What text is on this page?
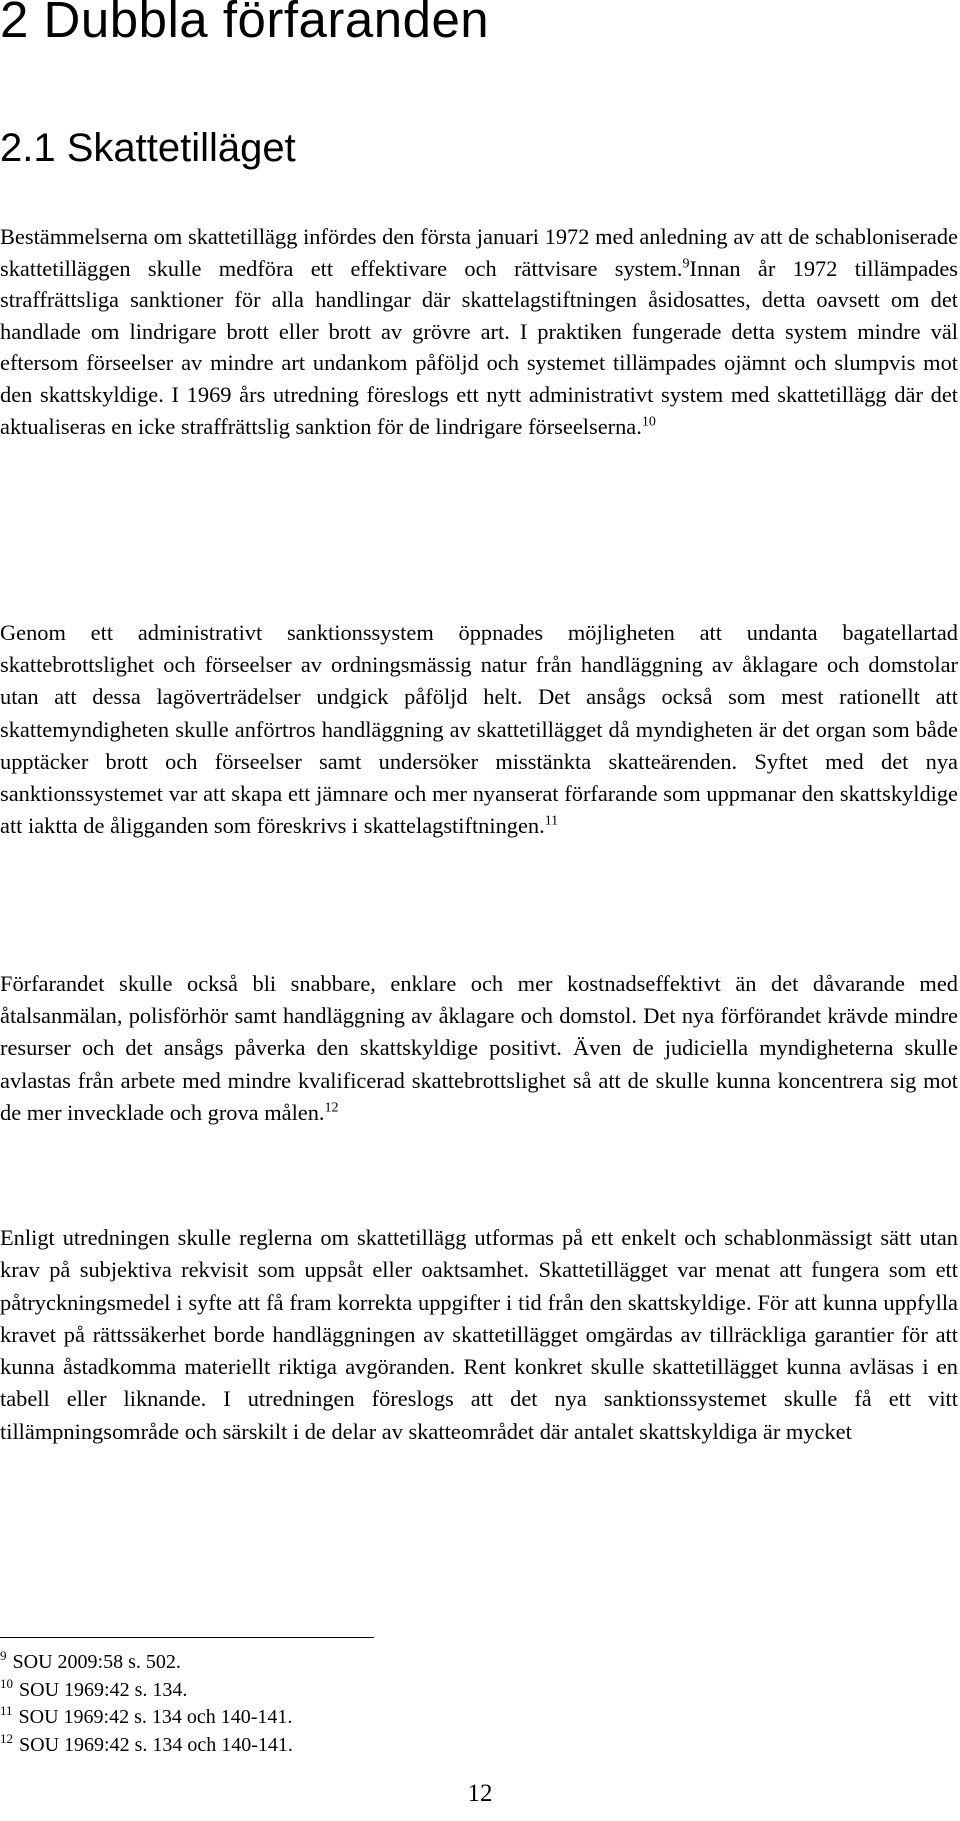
2 Dubbla förfaranden
2.1 Skattetilläget

Bestämmelserna om skattetillägg infördes den första januari 1972 med anledning av att de schabloniserade skattetilläggen skulle medföra ett effektivare och rättvisare system.$^9$Innan år 1972 tillämpades straffrättsliga sanktioner för alla handlingar där skattelagstiftningen åsidosattes, detta oavsett om det handlade om lindrigare brott eller brott av grövre art. I praktiken fungerade detta system mindre väl eftersom förseelser av mindre art undankom påföljd och systemet tillämpades ojämnt och slumpvis mot den skattskyldige. I 1969 års utredning föreslogs ett nytt administrativt system med skattetillägg där det aktualiseras en icke straffrättslig sanktion för de lindrigare förseelserna.$^{10}$

Genom ett administrativt sanktionssystem öppnades möjligheten att undanta bagatellartad skattebrottslighet och förseelser av ordningsmässig natur från handläggning av åklagare och domstolar utan att dessa lagöverträdelser undgick påföljd helt. Det ansågs också som mest rationellt att skattemyndigheten skulle anförtros handläggning av skattetillägget då myndigheten är det organ som både upptäcker brott och förseelser samt undersöker misstänkta skatteärenden. Syftet med det nya sanktionssystemet var att skapa ett jämnare och mer nyanserat förfarande som uppmanar den skattskyldige att iaktta de åligganden som föreskrivs i skattelagstiftningen.$^{11}$

Förfarandet skulle också bli snabbare, enklare och mer kostnadseffektivt än det dåvarande med åtalsanmälan, polisförhör samt handläggning av åklagare och domstol. Det nya förförandet krävde mindre resurser och det ansågs påverka den skattskyldige positivt. Även de judiciella myndigheterna skulle avlastas från arbete med mindre kvalificerad skattebrottslighet så att de skulle kunna koncentrera sig mot de mer invecklade och grova målen.$^{12}$

Enligt utredningen skulle reglerna om skattetillägg utformas på ett enkelt och schablonmässigt sätt utan krav på subjektiva rekvisit som uppsåt eller oaktsamhet. Skattetillägget var menat att fungera som ett påtryckningsmedel i syfte att få fram korrekta uppgifter i tid från den skattskyldige. För att kunna uppfylla kravet på rättssäkerhet borde handläggningen av skattetillägget omgärdas av tillräckliga garantier för att kunna åstadkomma materiellt riktiga avgöranden. Rent konkret skulle skattetillägget kunna avläsas i en tabell eller liknande. I utredningen föreslogs att det nya sanktionssystemet skulle få ett vitt tillämpningsområde och särskilt i de delar av skatteområdet där antalet skattskyldiga är mycket

$^9$ SOU 2009:58 s. 502.
$^{10}$ SOU 1969:42 s. 134.
$^{11}$ SOU 1969:42 s. 134 och 140-141.
$^{12}$ SOU 1969:42 s. 134 och 140-141.
12
